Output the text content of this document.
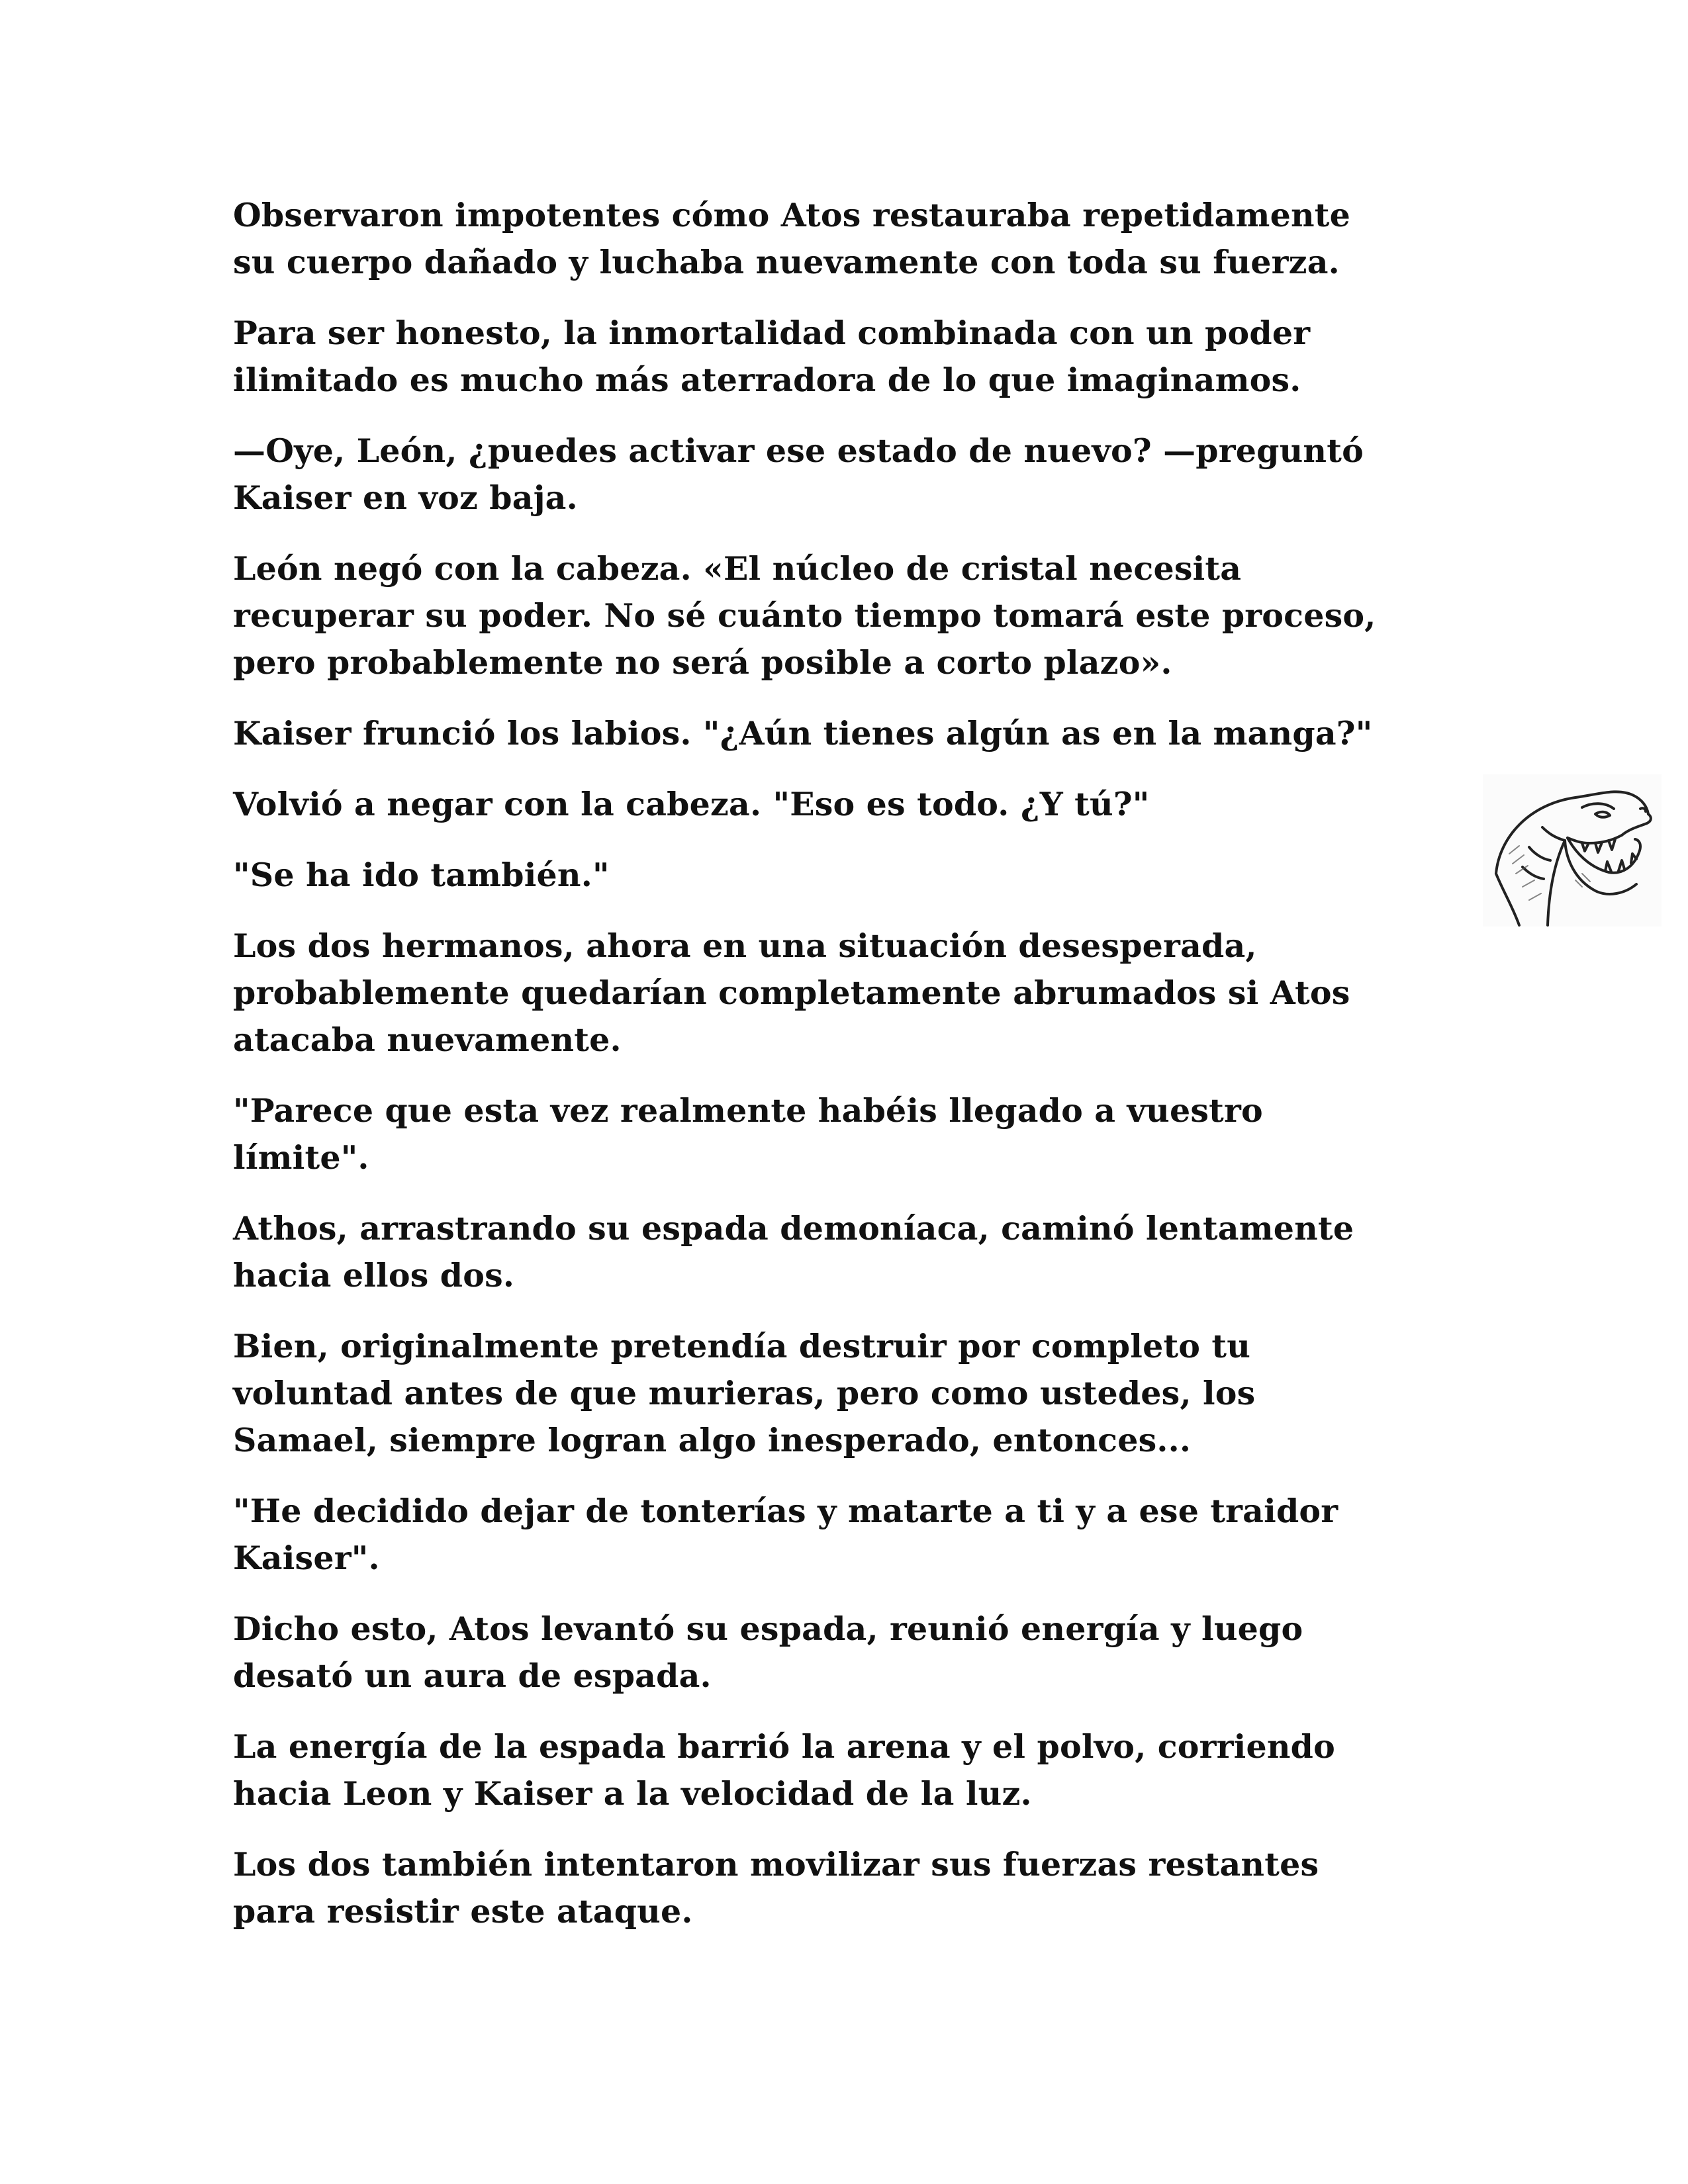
Observaron impotentes cómo Atos restauraba repetidamente
su cuerpo dañado y luchaba nuevamente con toda su fuerza.

Para ser honesto, la inmortalidad combinada con un poder
ilimitado es mucho más aterradora de lo que imaginamos.

—Oye, León, ¿puedes activar ese estado de nuevo? —preguntó
Kaiser en voz baja.

León negó con la cabeza. «El núcleo de cristal necesita
recuperar su poder. No sé cuánto tiempo tomará este proceso,
pero probablemente no será posible a corto plazo».

Kaiser frunció los labios. "¿Aún tienes algún as en la manga?"

Volvió a negar con la cabeza. "Eso es todo. ¿Y tú?"

"Se ha ido también."

Los dos hermanos, ahora en una situación desesperada,
probablemente quedarían completamente abrumados si Atos
atacaba nuevamente.

"Parece que esta vez realmente habéis llegado a vuestro
límite".

Athos, arrastrando su espada demoníaca, caminó lentamente
hacia ellos dos.

Bien, originalmente pretendía destruir por completo tu
voluntad antes de que murieras, pero como ustedes, los
Samael, siempre logran algo inesperado, entonces...

"He decidido dejar de tonterías y matarte a ti y a ese traidor
Kaiser".

Dicho esto, Atos levantó su espada, reunió energía y luego
desató un aura de espada.

La energía de la espada barrió la arena y el polvo, corriendo
hacia Leon y Kaiser a la velocidad de la luz.

Los dos también intentaron movilizar sus fuerzas restantes
para resistir este ataque.
